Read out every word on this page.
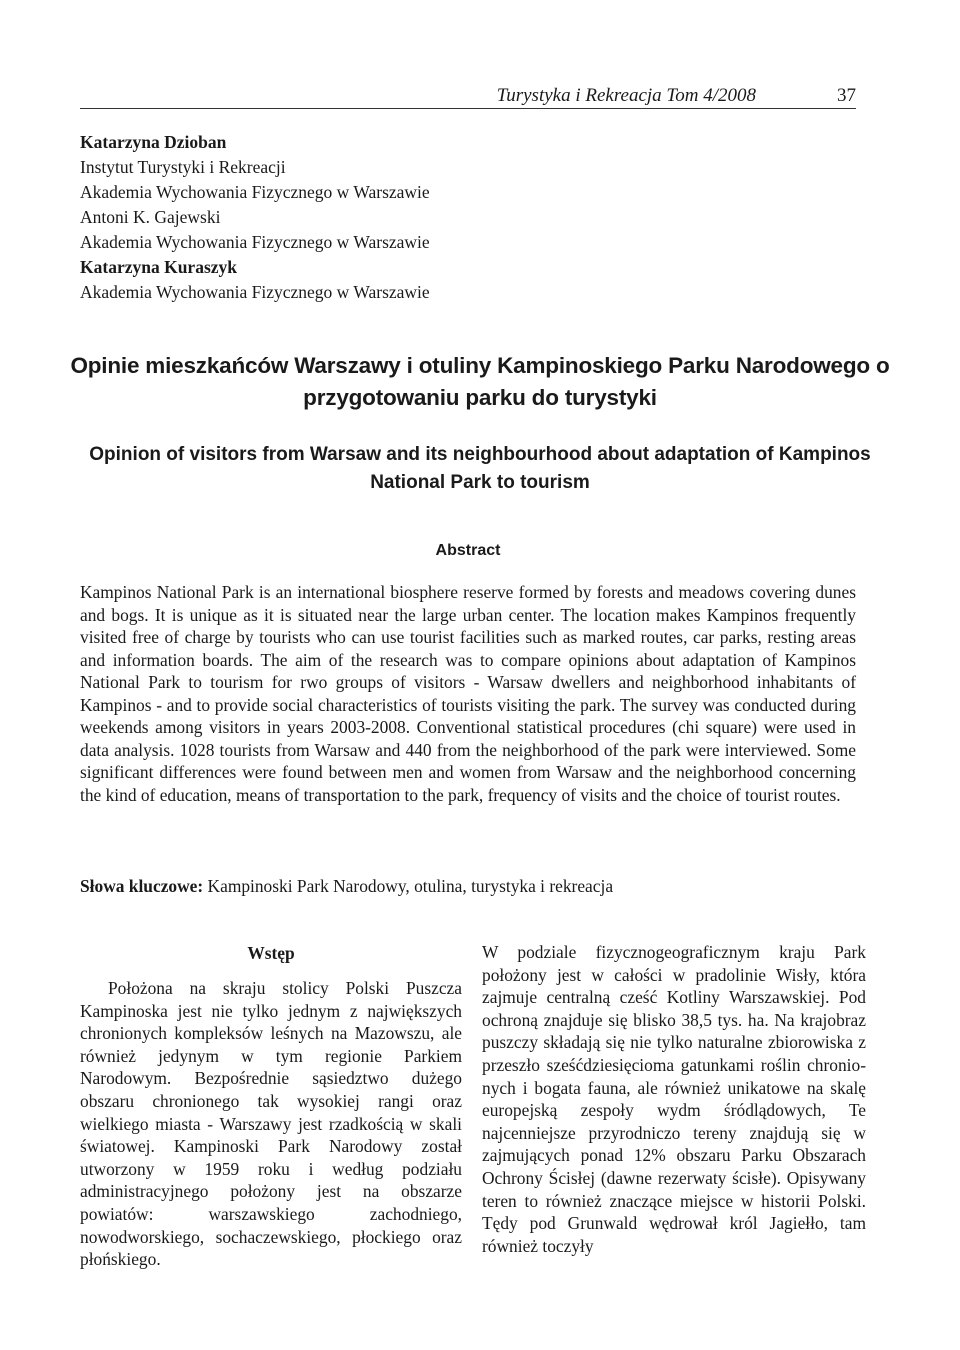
Turystyka i Rekreacja Tom 4/2008	37
Katarzyna Dzioban
Instytut Turystyki i Rekreacji
Akademia Wychowania Fizycznego w Warszawie
Antoni K. Gajewski
Akademia Wychowania Fizycznego w Warszawie
Katarzyna Kuraszyk
Akademia Wychowania Fizycznego w Warszawie
Opinie mieszkańców Warszawy i otuliny Kampinoskiego Parku Narodowego o przygotowaniu parku do turystyki
Opinion of visitors from Warsaw and its neighbourhood about adaptation of Kampinos National Park to tourism
Abstract
Kampinos National Park is an international biosphere reserve formed by forests and meadows covering dunes and bogs. It is unique as it is situated near the large urban center. The location makes Kampinos frequently visited free of charge by tourists who can use tourist facilities such as marked routes, car parks, resting areas and information boards. The aim of the research was to compare opinions about adaptation of Kampinos National Park to tourism for rwo groups of visitors - Warsaw dwellers and neighborhood inhabitants of Kampinos - and to provide social characteristics of tourists visiting the park. The survey was conducted during weekends among visitors in years 2003-2008. Conventional statistical procedures (chi square) were used in data analysis. 1028 tourists from Warsaw and 440 from the neighborhood of the park were interviewed. Some significant differences were found between men and women from Warsaw and the neighborhood concerning the kind of education, means of transportation to the park, frequency of visits and the choice of tourist routes.
Słowa kluczowe: Kampinoski Park Narodowy, otulina, turystyka i rekreacja
Wstęp

Położona na skraju stolicy Polski Puszcza Kampinoska jest nie tylko jednym z największych chronionych kompleksów leśnych na Mazowszu, ale również jedynym w tym regionie Parkiem Narodowym. Bezpośrednie sąsiedztwo dużego obszaru chronionego tak wysokiej rangi oraz wielkiego miasta - Warszawy jest rzadkością w skali światowej. Kampinoski Park Narodowy został utworzony w 1959 roku i według podziału administracyjnego położony jest na obszarze powiatów: warszawskiego zachodniego, nowodworskiego, sochaczewskiego, płockiego oraz płońskiego.

W podziale fizycznogeograficznym kraju Park położony jest w całości w pradolinie Wisły, która zajmuje centralną cześć Kotliny Warszawskiej. Pod ochroną znajduje się blisko 38,5 tys. ha. Na krajobraz puszczy składają się nie tylko naturalne zbiorowiska z przeszło sześćdziesięcioma gatunkami roślin chronionych i bogata fauna, ale również unikatowe na skalę europejską zespoły wydm śródlądowych, Te najcenniejsze przyrodniczo tereny znajdują się w zajmujących ponad 12% obszaru Parku Obszarach Ochrony Ścisłej (dawne rezerwaty ścisłe). Opisywany teren to również znaczące miejsce w historii Polski. Tędy pod Grunwald wędrował król Jagiełło, tam również toczyły
